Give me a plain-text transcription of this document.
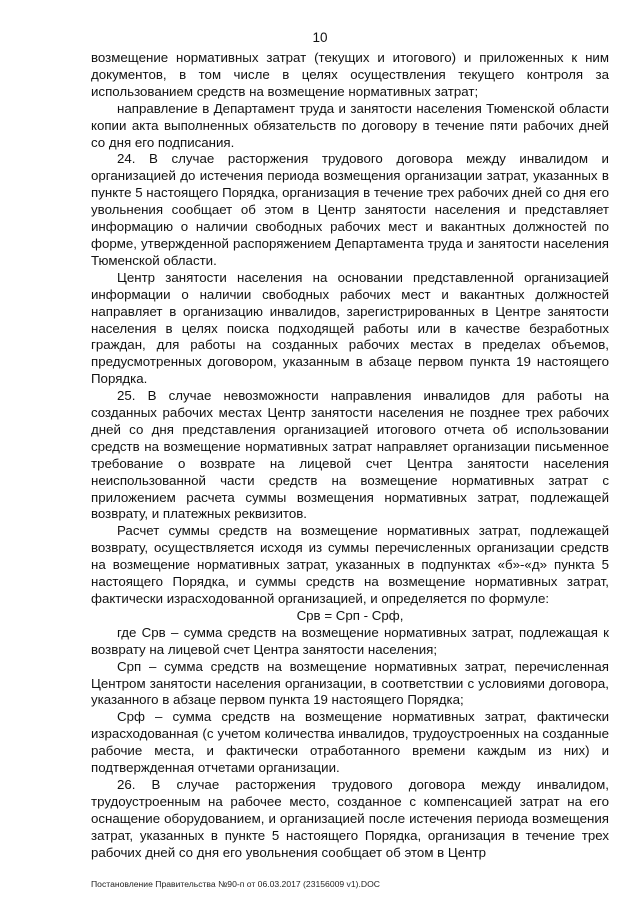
10

возмещение нормативных затрат (текущих и итогового) и приложенных к ним документов, в том числе в целях осуществления текущего контроля за использованием средств на возмещение нормативных затрат;

направление в Департамент труда и занятости населения Тюменской области копии акта выполненных обязательств по договору в течение пяти рабочих дней со дня его подписания.

24. В случае расторжения трудового договора между инвалидом и организацией до истечения периода возмещения организации затрат, указанных в пункте 5 настоящего Порядка, организация в течение трех рабочих дней со дня его увольнения сообщает об этом в Центр занятости населения и представляет информацию о наличии свободных рабочих мест и вакантных должностей по форме, утвержденной распоряжением Департамента труда и занятости населения Тюменской области.

Центр занятости населения на основании представленной организацией информации о наличии свободных рабочих мест и вакантных должностей направляет в организацию инвалидов, зарегистрированных в Центре занятости населения в целях поиска подходящей работы или в качестве безработных граждан, для работы на созданных рабочих местах в пределах объемов, предусмотренных договором, указанным в абзаце первом пункта 19 настоящего Порядка.

25. В случае невозможности направления инвалидов для работы на созданных рабочих местах Центр занятости населения не позднее трех рабочих дней со дня представления организацией итогового отчета об использовании средств на возмещение нормативных затрат направляет организации письменное требование о возврате на лицевой счет Центра занятости населения неиспользованной части средств на возмещение нормативных затрат с приложением расчета суммы возмещения нормативных затрат, подлежащей возврату, и платежных реквизитов.

Расчет суммы средств на возмещение нормативных затрат, подлежащей возврату, осуществляется исходя из суммы перечисленных организации средств на возмещение нормативных затрат, указанных в подпунктах «б»-«д» пункта 5 настоящего Порядка, и суммы средств на возмещение нормативных затрат, фактически израсходованной организацией, и определяется по формуле:

Срв = Срп - Срф,

где Срв – сумма средств на возмещение нормативных затрат, подлежащая к возврату на лицевой счет Центра занятости населения;

Срп – сумма средств на возмещение нормативных затрат, перечисленная Центром занятости населения организации, в соответствии с условиями договора, указанного в абзаце первом пункта 19 настоящего Порядка;

Срф – сумма средств на возмещение нормативных затрат, фактически израсходованная (с учетом количества инвалидов, трудоустроенных на созданные рабочие места, и фактически отработанного времени каждым из них) и подтвержденная отчетами организации.

26. В случае расторжения трудового договора между инвалидом, трудоустроенным на рабочее место, созданное с компенсацией затрат на его оснащение оборудованием, и организацией после истечения периода возмещения затрат, указанных в пункте 5 настоящего Порядка, организация в течение трех рабочих дней со дня его увольнения сообщает об этом в Центр

Постановление Правительства №90-п от 06.03.2017 (23156009 v1).DOC
